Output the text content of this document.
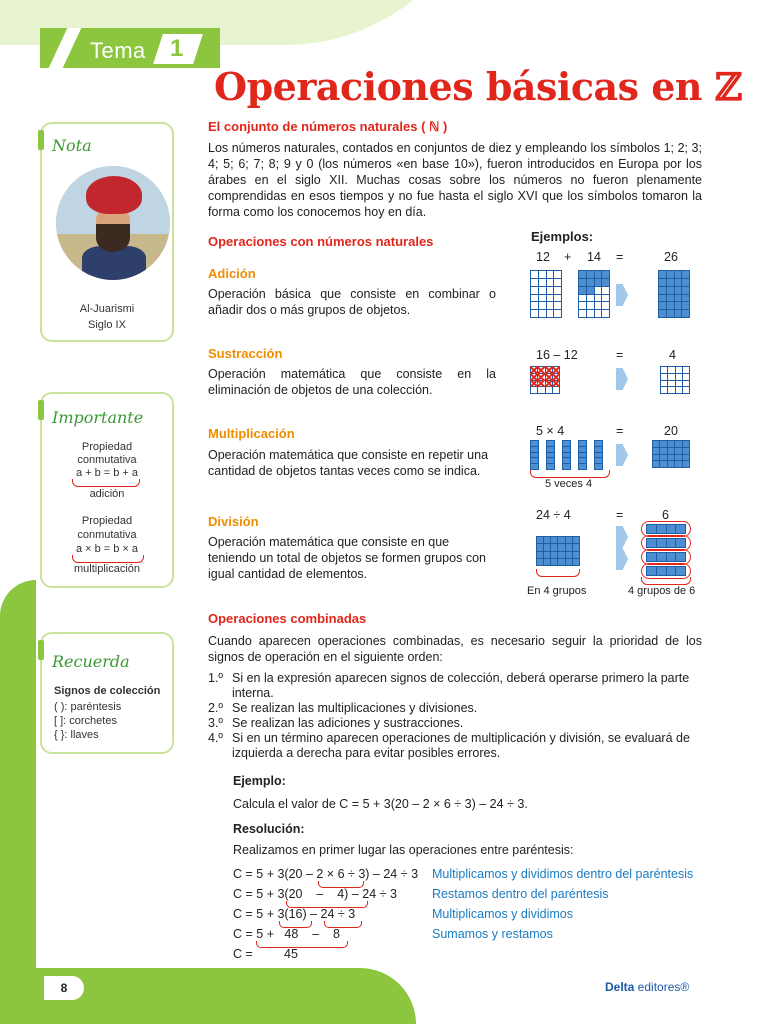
Tema 1
Operaciones básicas en ℤ
Nota
Al-Juarismi
Siglo IX
Importante
Propiedad
conmutativa
a + b = b + a
adición
Propiedad
conmutativa
a × b = b × a
multiplicación
Recuerda
Signos de colección
( ): paréntesis
[ ]: corchetes
{ }: llaves
El conjunto de números naturales ( ℕ )

Los números naturales, contados en conjuntos de diez y empleando los símbolos 1; 2; 3; 4; 5; 6; 7; 8; 9 y 0 (los números «en base 10»), fueron introducidos en Europa por los árabes en el siglo XII. Muchas cosas sobre los números no fueron plenamente comprendidas en esos tiempos y no fue hasta el siglo XVI que los símbolos tomaron la forma como los conocemos hoy en día.

Operaciones con números naturales	Ejemplos:
Adición

Operación básica que consiste en combinar o añadir dos o más grupos de objetos.

12 + 14 =	26
Sustracción

Operación matemática que consiste en la eliminación de objetos de una colección.

16 – 12	=	4
Multiplicación

Operación matemática que consiste en repetir una cantidad de objetos tantas veces como se indica.

5 × 4	=	20
5 veces 4
División

Operación matemática que consiste en que teniendo un total de objetos se formen grupos con igual cantidad de elementos.

24 ÷ 4	=	6
En 4 grupos	4 grupos de 6
Operaciones combinadas

Cuando aparecen operaciones combinadas, es necesario seguir la prioridad de los signos de operación en el siguiente orden:

1.º Si en la expresión aparecen signos de colección, deberá operarse primero la parte interna.
2.º Se realizan las multiplicaciones y divisiones.
3.º Se realizan las adiciones y sustracciones.
4.º Si en un término aparecen operaciones de multiplicación y división, se evaluará de izquierda a derecha para evitar posibles errores.
Ejemplo:
Calcula el valor de C = 5 + 3(20 – 2 × 6 ÷ 3) – 24 ÷ 3.
Resolución:
Realizamos en primer lugar las operaciones entre paréntesis:
C = 5 + 3(20 – 2 × 6 ÷ 3) – 24 ÷ 3 Multiplicamos y dividimos dentro del paréntesis
C = 5 + 3(20    –    4) – 24 ÷ 3	Restamos dentro del paréntesis
C = 5 + 3(16) – 24 ÷ 3	Multiplicamos y dividimos
C = 5 +   48    –    8	Sumamos y restamos
C =         45
8	Delta editores®
